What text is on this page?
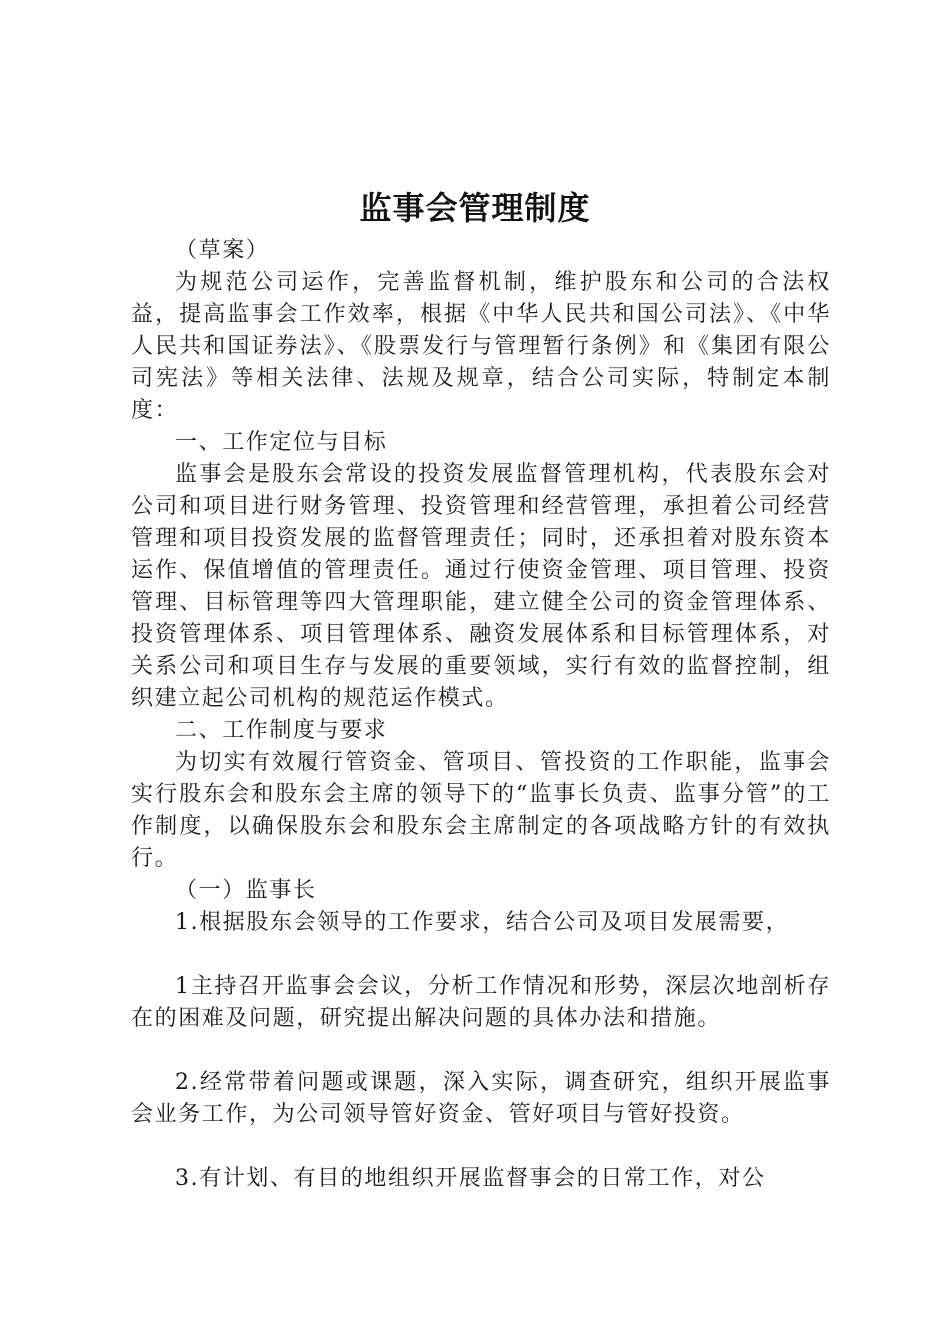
监事会管理制度

（草案）

为规范公司运作，完善监督机制，维护股东和公司的合法权益，提高监事会工作效率，根据《中华人民共和国公司法》、《中华人民共和国证券法》、《股票发行与管理暂行条例》和《集团有限公司宪法》等相关法律、法规及规章，结合公司实际，特制定本制度：

一、工作定位与目标

监事会是股东会常设的投资发展监督管理机构，代表股东会对公司和项目进行财务管理、投资管理和经营管理，承担着公司经营管理和项目投资发展的监督管理责任；同时，还承担着对股东资本运作、保值增值的管理责任。通过行使资金管理、项目管理、投资管理、目标管理等四大管理职能，建立健全公司的资金管理体系、投资管理体系、项目管理体系、融资发展体系和目标管理体系，对关系公司和项目生存与发展的重要领域，实行有效的监督控制，组织建立起公司机构的规范运作模式。

二、工作制度与要求

为切实有效履行管资金、管项目、管投资的工作职能，监事会实行股东会和股东会主席的领导下的“监事长负责、监事分管”的工作制度，以确保股东会和股东会主席制定的各项战略方针的有效执行。

（一）监事长

1.根据股东会领导的工作要求，结合公司及项目发展需要，

1主持召开监事会会议，分析工作情况和形势，深层次地剖析存在的困难及问题，研究提出解决问题的具体办法和措施。

2.经常带着问题或课题，深入实际，调查研究，组织开展监事会业务工作，为公司领导管好资金、管好项目与管好投资。

3.有计划、有目的地组织开展监督事会的日常工作，对公
